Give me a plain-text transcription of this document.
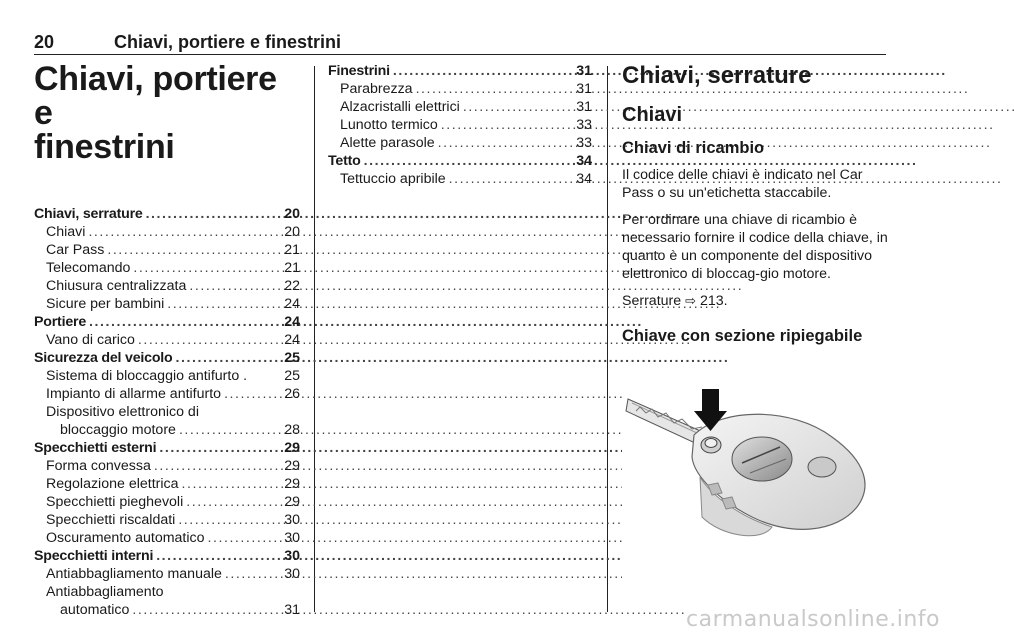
20	Chiavi, portiere e finestrini
Chiavi, portiere e
finestrini
Chiavi, serrature . . .	20
Chiavi . . .	20
Car Pass . . .	21
Telecomando . . .	21
Chiusura centralizzata . . .	22
Sicure per bambini . . .	24
Portiere . . .	24
Vano di carico . . .	24
Sicurezza del veicolo . . .	25
Sistema di bloccaggio antifurto .	25
Impianto di allarme antifurto . . .	26
Dispositivo elettronico di
bloccaggio motore . . .	28
Specchietti esterni . . .	29
Forma convessa . . .	29
Regolazione elettrica . . .	29
Specchietti pieghevoli . . .	29
Specchietti riscaldati . . .	30
Oscuramento automatico . . .	30
Specchietti interni . . .	30
Antiabbagliamento manuale . . .	30
Antiabbagliamento
automatico . . .	31
Finestrini . . .	31
Parabrezza . . .	31
Alzacristalli elettrici . . .	31
Lunotto termico . . .	33
Alette parasole . . .	33
Tetto . . .	34
Tettuccio apribile . . .	34
Chiavi, serrature
Chiavi
Chiavi di ricambio

Il codice delle chiavi è indicato nel Car Pass o su un'etichetta staccabile.

Per ordinare una chiave di ricambio è necessario fornire il codice della chiave, in quanto è un componente del dispositivo elettronico di bloccag-gio motore.

Serrature ⇨ 213.

Chiave con sezione ripiegabile
carmanualsonline.info
